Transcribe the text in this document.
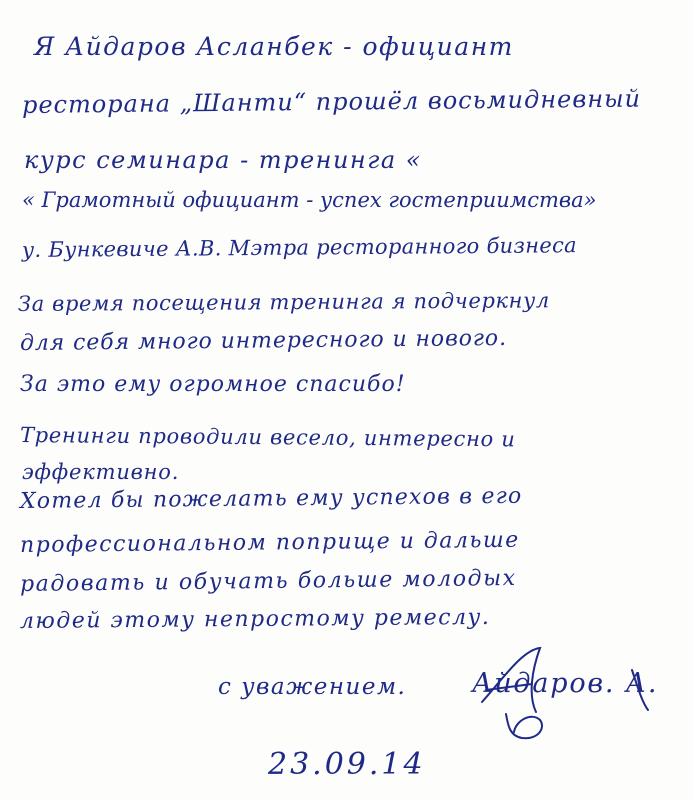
Я Айдаров Асланбек - официант
ресторана „Шанти“ прошёл восьмидневный
курс семинара - тренинга «
« Грамотный официант - успех гостеприимства»
у. Бункевиче А.В. Мэтра ресторанного бизнеса
За время посещения тренинга я подчеркнул
для себя много интересного и нового.
За это ему огромное спасибо!
Тренинги проводили весело, интересно и
эффективно.
Хотел бы пожелать ему успехов в его
профессиональном поприще и дальше
радовать и обучать больше молодых
людей этому непростому ремеслу.
с уважением. Айдаров. А.
23.09.14
